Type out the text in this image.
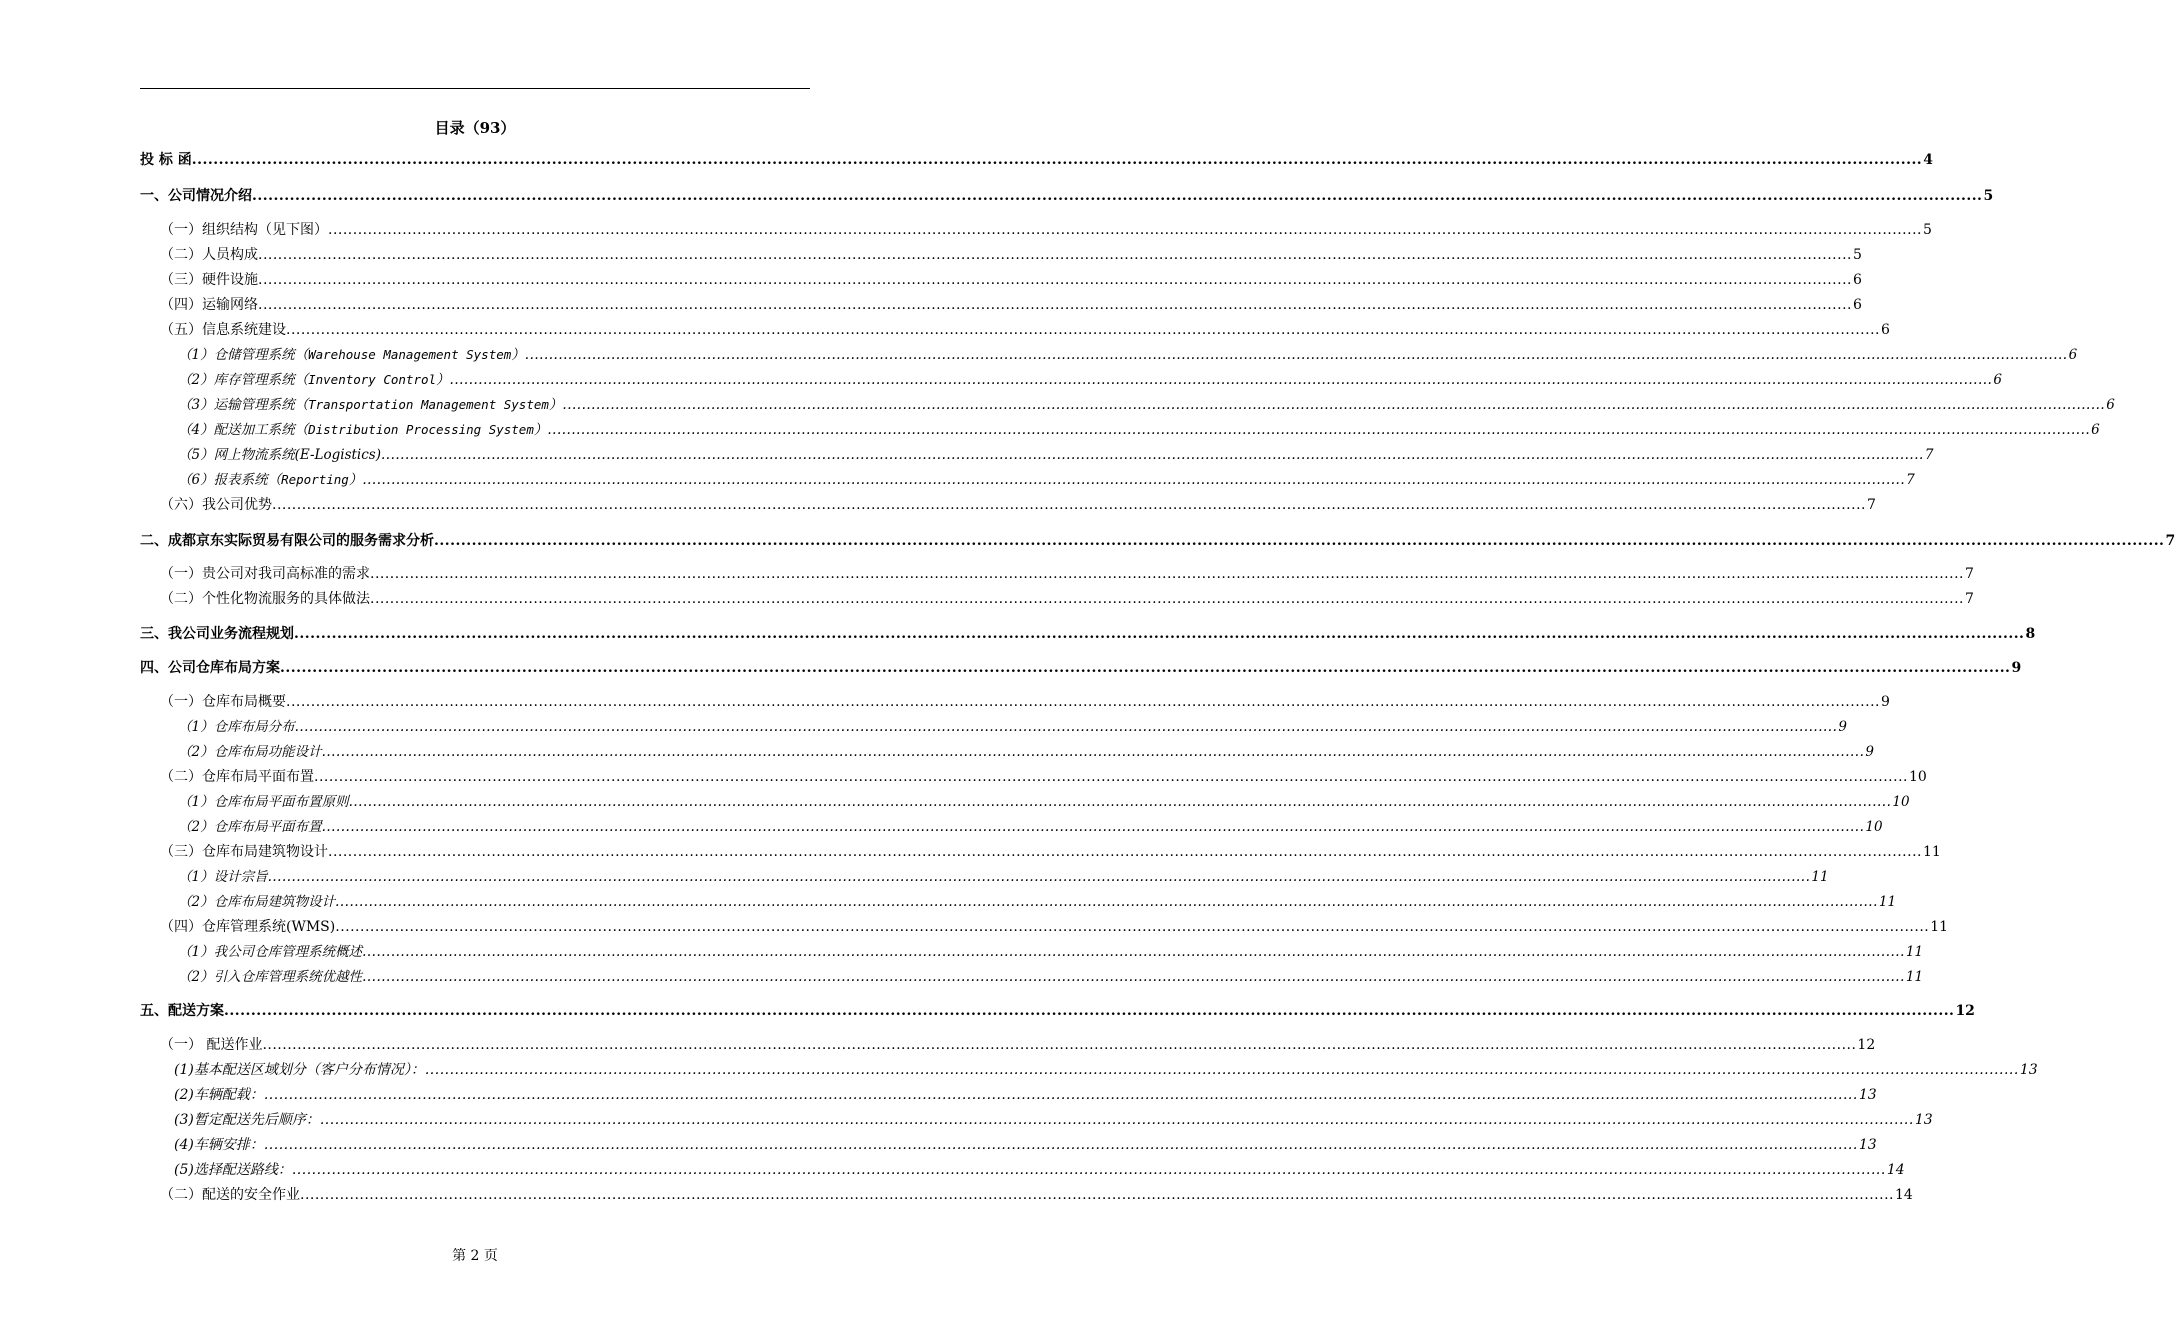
目录（93）
投 标 函 .....	4
一、公司情况介绍 .....	5
（一）组织结构（见下图） .....	5
（二）人员构成 .....	5
（三）硬件设施 .....	6
（四）运输网络 .....	6
（五）信息系统建设 .....	6
（1）仓储管理系统（Warehouse Management System） .....	6
（2）库存管理系统（Inventory Control） .....	6
（3）运输管理系统（Transportation Management System） .....	6
（4）配送加工系统（Distribution Processing System） .....	6
（5）网上物流系统(E-Logistics) .....	7
（6）报表系统（Reporting） .....	7
（六）我公司优势 .....	7
二、成都京东实际贸易有限公司的服务需求分析 .....	7
（一）贵公司对我司高标准的需求 .....	7
（二）个性化物流服务的具体做法 .....	7
三、我公司业务流程规划 .....	8
四、公司仓库布局方案 .....	9
（一）仓库布局概要 .....	9
（1）仓库布局分布 .....	9
（2）仓库布局功能设计 .....	9
（二）仓库布局平面布置 .....	10
（1）仓库布局平面布置原则 .....	10
（2）仓库布局平面布置 .....	10
（三）仓库布局建筑物设计 .....	11
（1）设计宗旨 .....	11
（2）仓库布局建筑物设计 .....	11
（四）仓库管理系统(WMS) .....	11
（1）我公司仓库管理系统概述 .....	11
（2）引入仓库管理系统优越性 .....	11
五、配送方案 .....	12
（一） 配送作业 .....	12
(1)基本配送区域划分（客户分布情况）： .....	13
(2)车辆配载： .....	13
(3)暂定配送先后顺序： .....	13
(4)车辆安排： .....	13
(5)选择配送路线： .....	14
（二）配送的安全作业 .....	14
第 2 页
